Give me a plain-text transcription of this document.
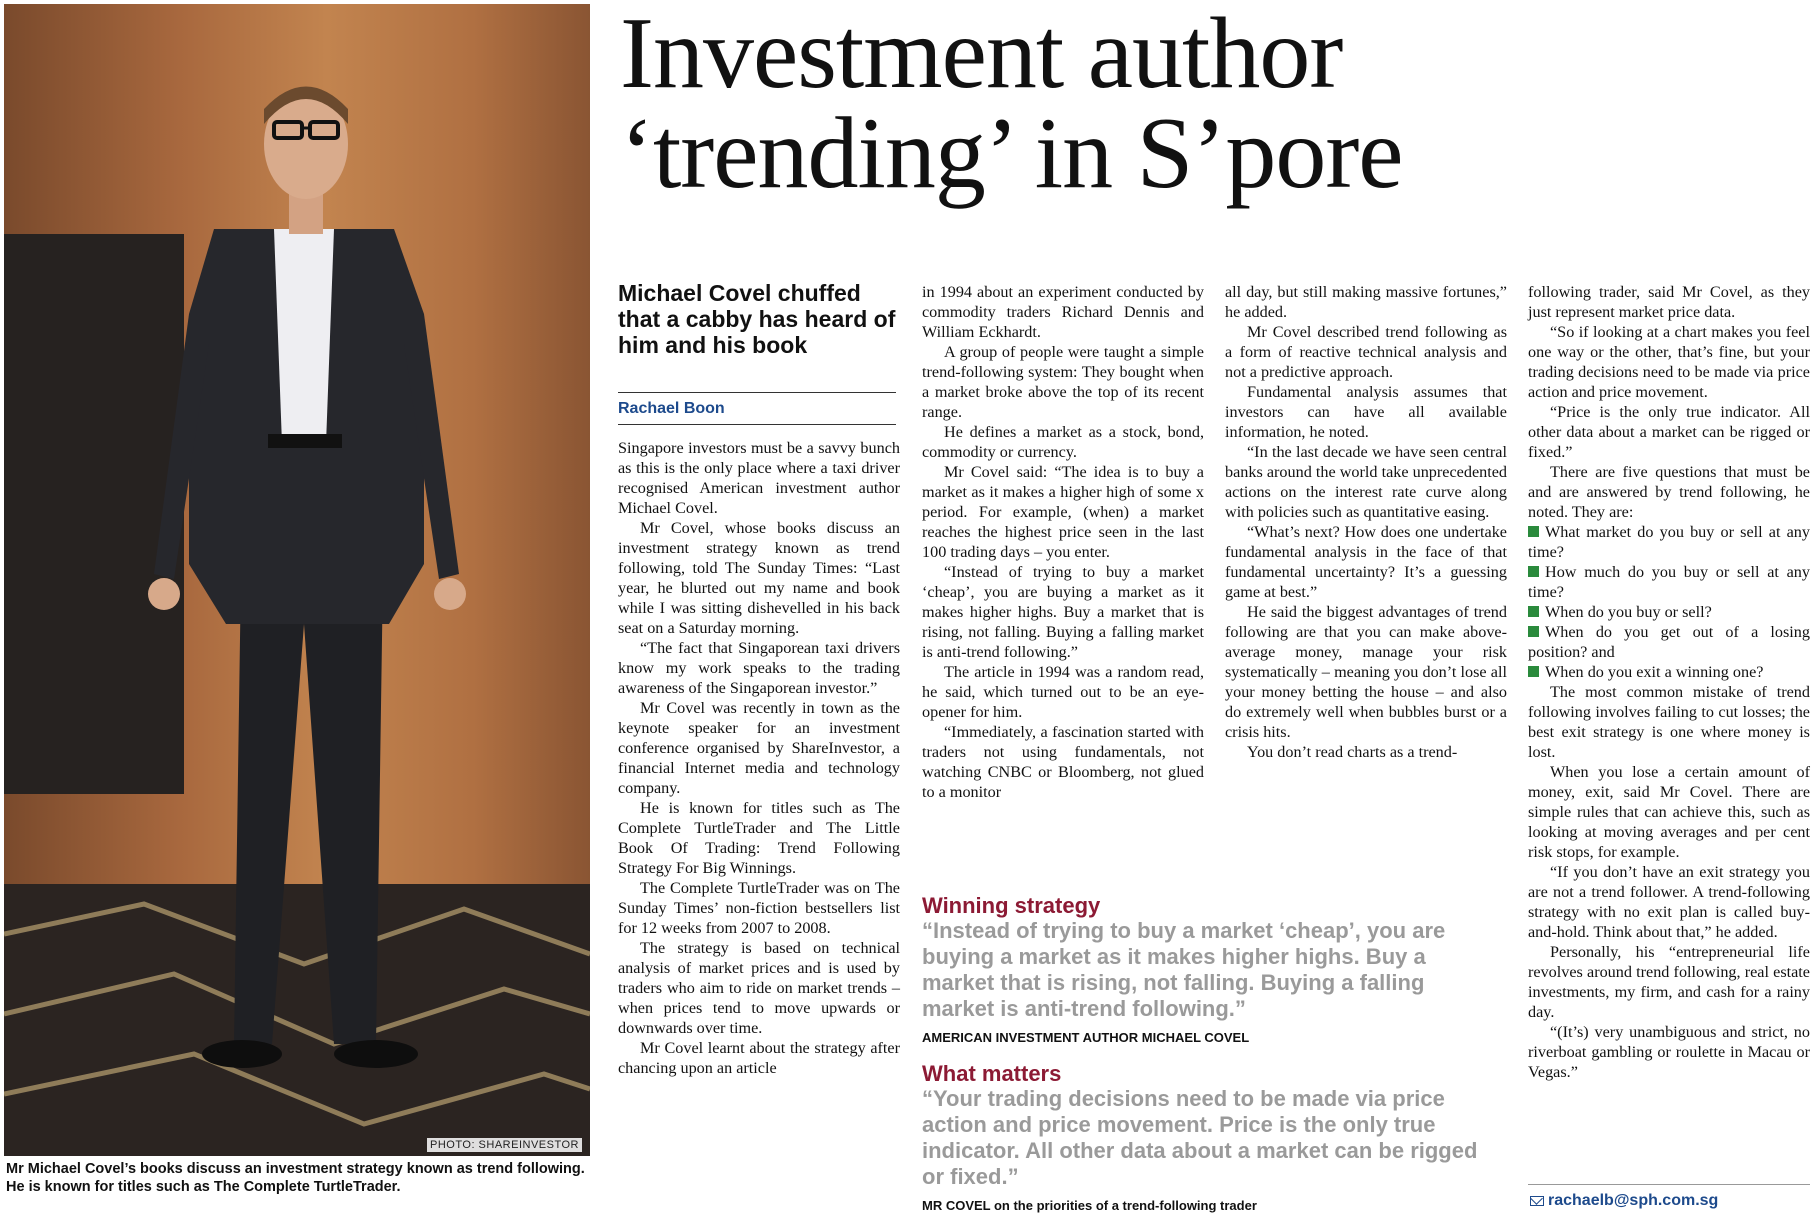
PHOTO: SHAREINVESTOR
Mr Michael Covel’s books discuss an investment strategy known as trend following. He is known for titles such as The Complete TurtleTrader.
Investment author
‘trending’ in S’pore
Michael Covel chuffed that a cabby has heard of him and his book
Rachael Boon

Singapore investors must be a savvy bunch as this is the only place where a taxi driver recognised American investment author Michael Covel.

Mr Covel, whose books discuss an investment strategy known as trend following, told The Sunday Times: “Last year, he blurted out my name and book while I was sitting dishevelled in his back seat on a Saturday morning.

“The fact that Singaporean taxi drivers know my work speaks to the trading awareness of the Singaporean investor.”

Mr Covel was recently in town as the keynote speaker for an investment conference organised by ShareInvestor, a financial Internet media and technology company.

He is known for titles such as The Complete TurtleTrader and The Little Book Of Trading: Trend Following Strategy For Big Winnings.

The Complete TurtleTrader was on The Sunday Times’ non-fiction bestsellers list for 12 weeks from 2007 to 2008.

The strategy is based on technical analysis of market prices and is used by traders who aim to ride on market trends – when prices tend to move upwards or downwards over time.

Mr Covel learnt about the strategy after chancing upon an article

in 1994 about an experiment conducted by commodity traders Richard Dennis and William Eckhardt.

A group of people were taught a simple trend-following system: They bought when a market broke above the top of its recent range.

He defines a market as a stock, bond, commodity or currency.

Mr Covel said: “The idea is to buy a market as it makes a higher high of some x period. For example, (when) a market reaches the highest price seen in the last 100 trading days – you enter.

“Instead of trying to buy a market ‘cheap’, you are buying a market as it makes higher highs. Buy a market that is rising, not falling. Buying a falling market is anti-trend following.”

The article in 1994 was a random read, he said, which turned out to be an eye-opener for him.

“Immediately, a fascination started with traders not using fundamentals, not watching CNBC or Bloomberg, not glued to a monitor

all day, but still making massive fortunes,” he added.

Mr Covel described trend following as a form of reactive technical analysis and not a predictive approach.

Fundamental analysis assumes that investors can have all available information, he noted.

“In the last decade we have seen central banks around the world take unprecedented actions on the interest rate curve along with policies such as quantitative easing.

“What’s next? How does one undertake fundamental analysis in the face of that fundamental uncertainty? It’s a guessing game at best.”

He said the biggest advantages of trend following are that you can make above-average money, manage your risk systematically – meaning you don’t lose all your money betting the house – and also do extremely well when bubbles burst or a crisis hits.

You don’t read charts as a trend-

following trader, said Mr Covel, as they just represent market price data.

“So if looking at a chart makes you feel one way or the other, that’s fine, but your trading decisions need to be made via price action and price movement.

“Price is the only true indicator. All other data about a market can be rigged or fixed.”

There are five questions that must be and are answered by trend following, he noted. They are:

What market do you buy or sell at any time?

How much do you buy or sell at any time?

When do you buy or sell?

When do you get out of a losing position? and

When do you exit a winning one?

The most common mistake of trend following involves failing to cut losses; the best exit strategy is one where money is lost.

When you lose a certain amount of money, exit, said Mr Covel. There are simple rules that can achieve this, such as looking at moving averages and per cent risk stops, for example.

“If you don’t have an exit strategy you are not a trend follower. A trend-following strategy with no exit plan is called buy-and-hold. Think about that,” he added.

Personally, his “entrepreneurial life revolves around trend following, real estate investments, my firm, and cash for a rainy day.

“(It’s) very unambiguous and strict, no riverboat gambling or roulette in Macau or Vegas.”

Winning strategy
“Instead of trying to buy a market ‘cheap’, you are buying a market as it makes higher highs. Buy a market that is rising, not falling. Buying a falling market is anti-trend following.”
AMERICAN INVESTMENT AUTHOR MICHAEL COVEL
What matters
“Your trading decisions need to be made via price action and price movement. Price is the only true indicator. All other data about a market can be rigged or fixed.”
MR COVEL on the priorities of a trend-following trader	rachaelb@sph.com.sg
